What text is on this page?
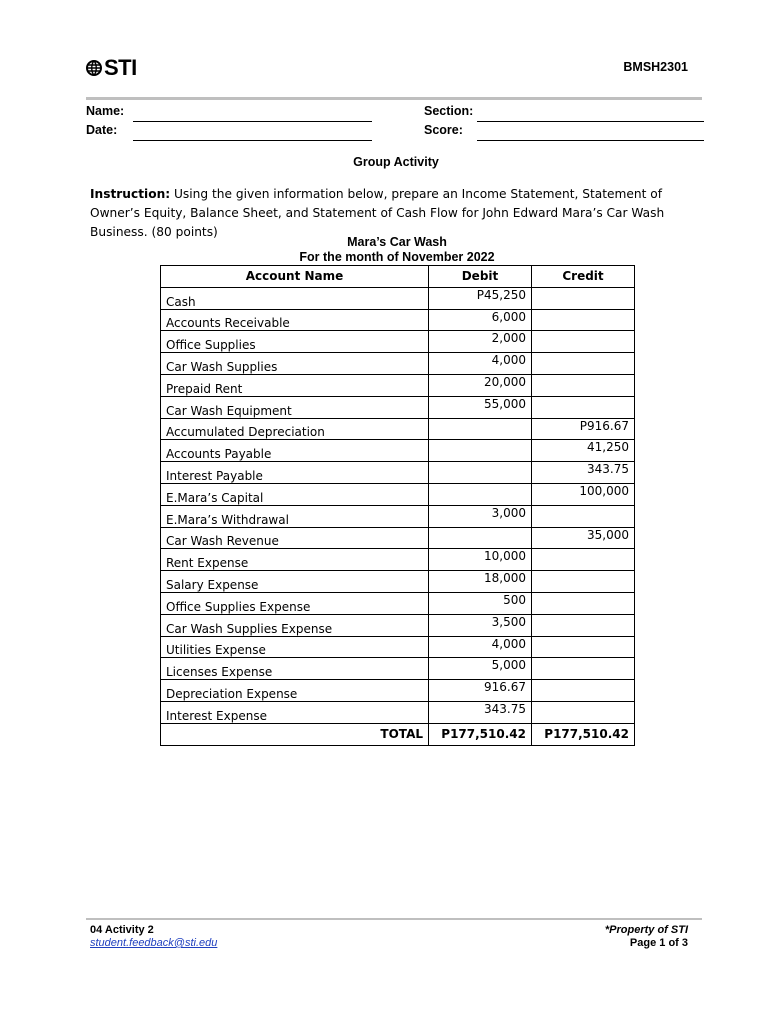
STI	BMSH2301
Name:
Date:
Section:
Score:
Group Activity
Instruction: Using the given information below, prepare an Income Statement, Statement of Owner’s Equity, Balance Sheet, and Statement of Cash Flow for John Edward Mara’s Car Wash Business. (80 points)
Mara’s Car Wash
For the month of November 2022
Account Name	Debit	Credit
Cash	P45,250	
Accounts Receivable	6,000	
Office Supplies	2,000	
Car Wash Supplies	4,000	
Prepaid Rent	20,000	
Car Wash Equipment	55,000	
Accumulated Depreciation		P916.67
Accounts Payable		41,250
Interest Payable		343.75
E.Mara’s Capital		100,000
E.Mara’s Withdrawal	3,000	
Car Wash Revenue		35,000
Rent Expense	10,000	
Salary Expense	18,000	
Office Supplies Expense	500	
Car Wash Supplies Expense	3,500	
Utilities Expense	4,000	
Licenses Expense	5,000	
Depreciation Expense	916.67	
Interest Expense	343.75	
TOTAL	P177,510.42	P177,510.42
04 Activity 2
student.feedback@sti.edu
*Property of STI
Page 1 of 3
